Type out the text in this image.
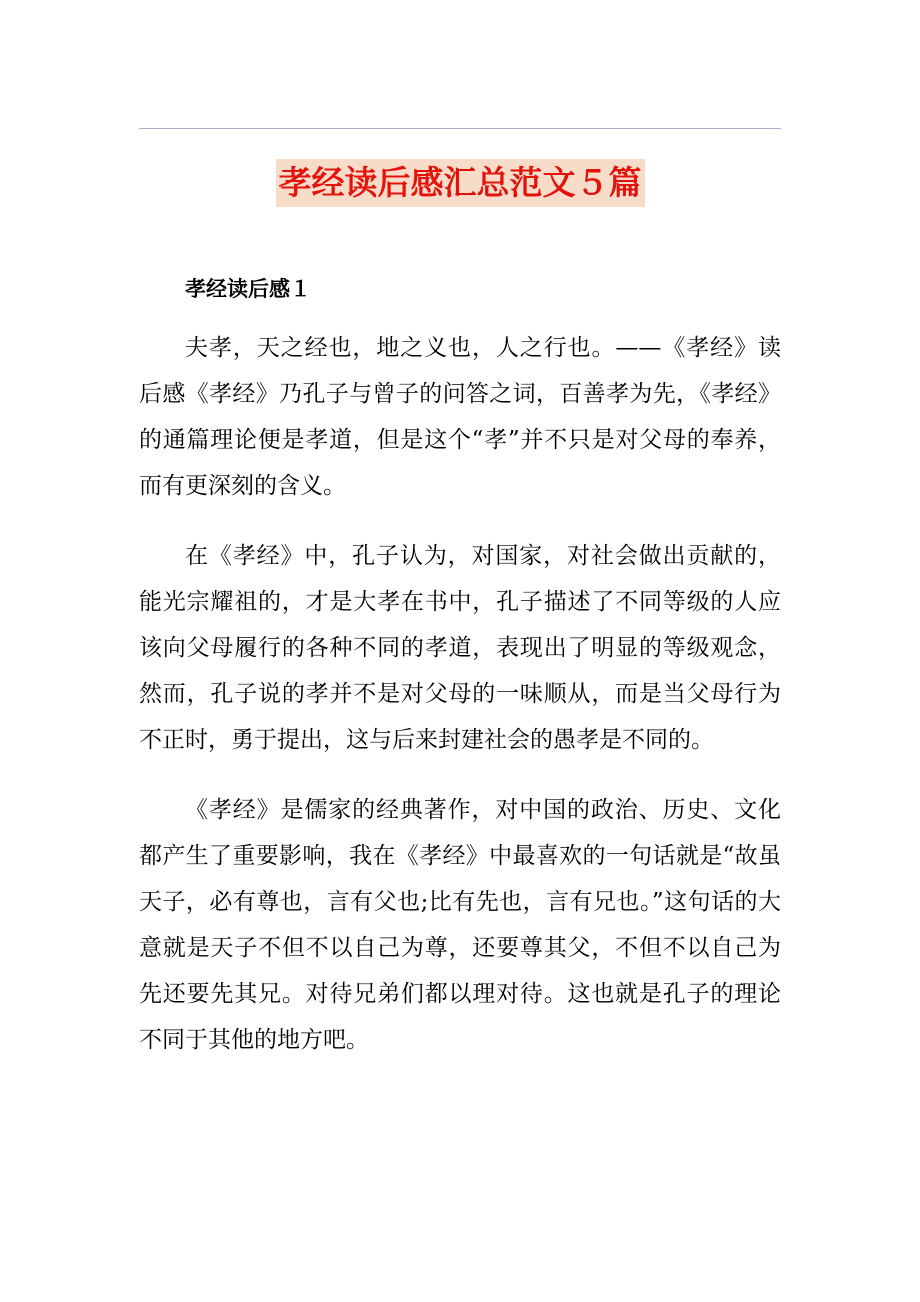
孝经读后感汇总范文５篇
孝经读后感１

夫孝，天之经也，地之义也，人之行也。——《孝经》读后感《孝经》乃孔子与曾子的问答之词，百善孝为先，《孝经》的通篇理论便是孝道，但是这个“孝”并不只是对父母的奉养，而有更深刻的含义。

在《孝经》中，孔子认为，对国家，对社会做出贡献的，能光宗耀祖的，才是大孝在书中，孔子描述了不同等级的人应该向父母履行的各种不同的孝道，表现出了明显的等级观念，然而，孔子说的孝并不是对父母的一味顺从，而是当父母行为不正时，勇于提出，这与后来封建社会的愚孝是不同的。

《孝经》是儒家的经典著作，对中国的政治、历史、文化都产生了重要影响，我在《孝经》中最喜欢的一句话就是“故虽天子，必有尊也，言有父也;比有先也，言有兄也。”这句话的大意就是天子不但不以自己为尊，还要尊其父，不但不以自己为先还要先其兄。对待兄弟们都以理对待。这也就是孔子的理论不同于其他的地方吧。
